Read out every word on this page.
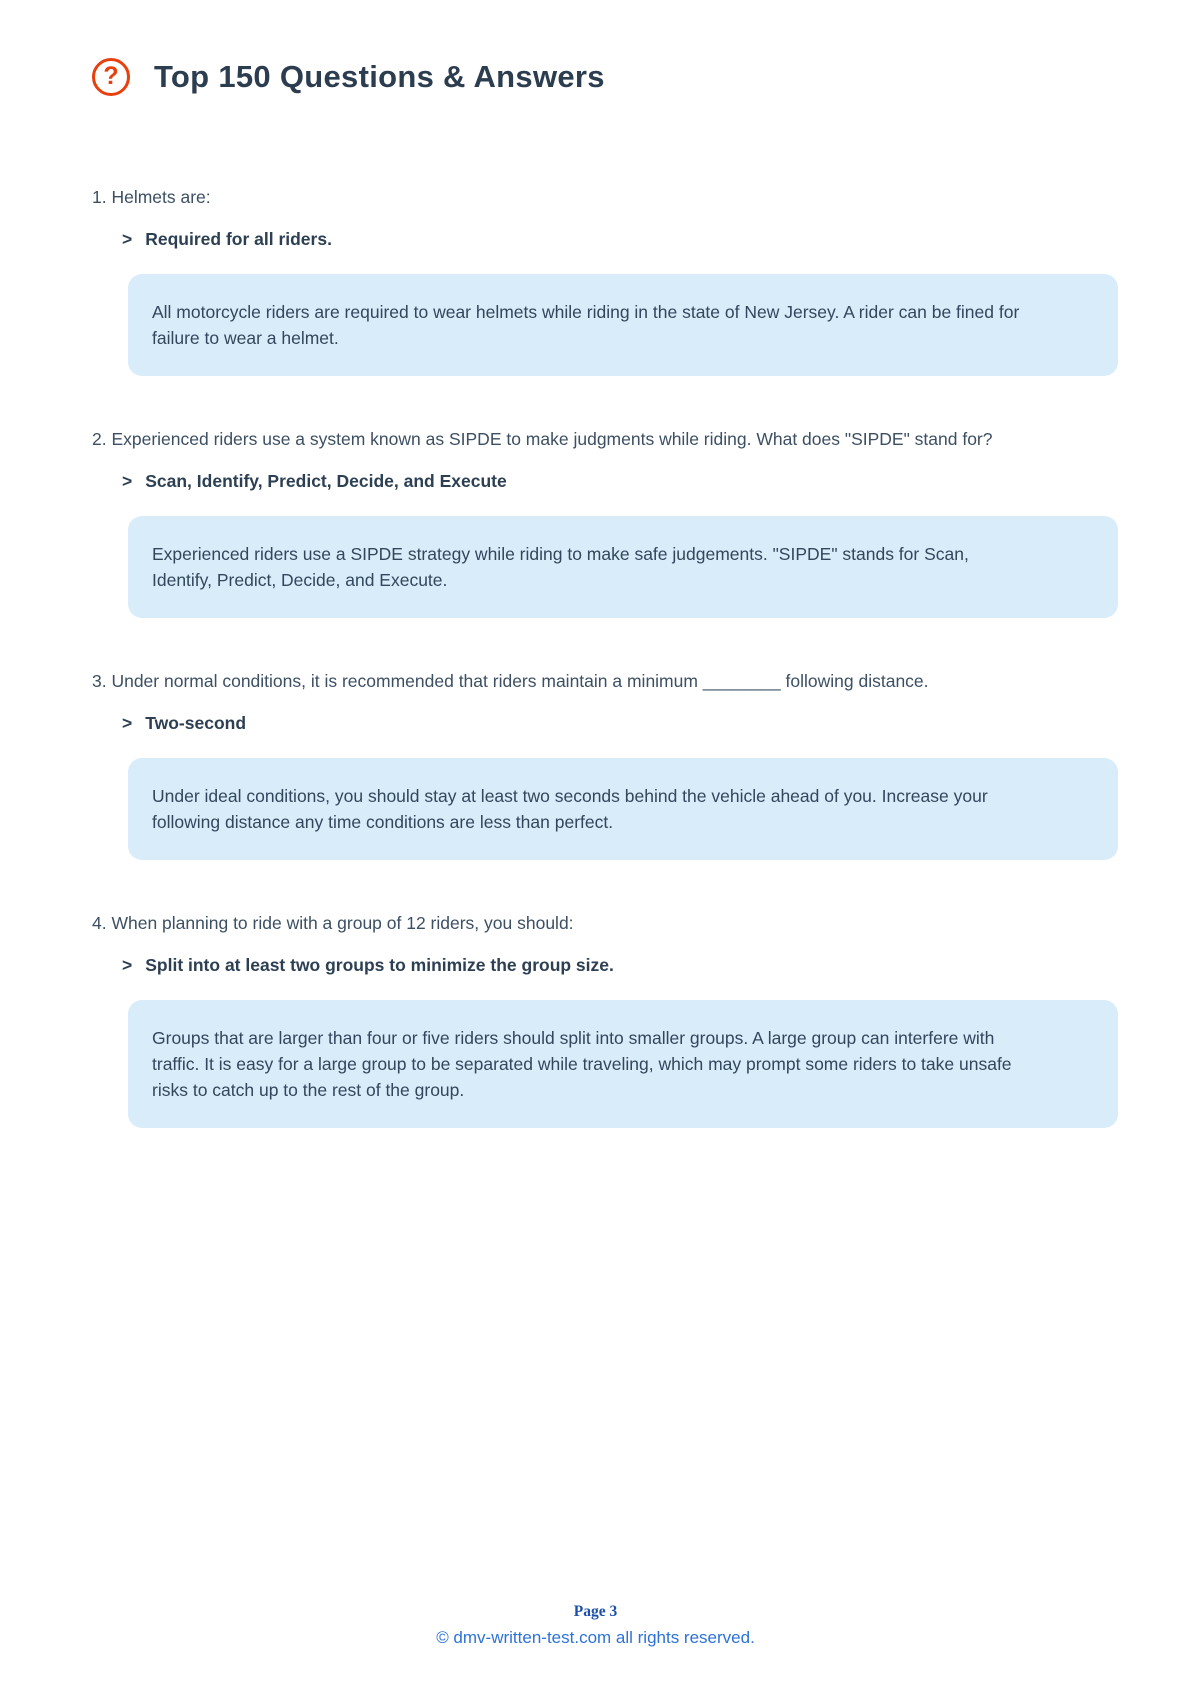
?	Top 150 Questions & Answers
1. Helmets are:
> Required for all riders.
All motorcycle riders are required to wear helmets while riding in the state of New Jersey. A rider can be fined for failure to wear a helmet.
2. Experienced riders use a system known as SIPDE to make judgments while riding. What does "SIPDE" stand for?
> Scan, Identify, Predict, Decide, and Execute
Experienced riders use a SIPDE strategy while riding to make safe judgements. "SIPDE" stands for Scan, Identify, Predict, Decide, and Execute.
3. Under normal conditions, it is recommended that riders maintain a minimum ________ following distance.
> Two-second
Under ideal conditions, you should stay at least two seconds behind the vehicle ahead of you. Increase your following distance any time conditions are less than perfect.
4. When planning to ride with a group of 12 riders, you should:
> Split into at least two groups to minimize the group size.
Groups that are larger than four or five riders should split into smaller groups. A large group can interfere with traffic. It is easy for a large group to be separated while traveling, which may prompt some riders to take unsafe risks to catch up to the rest of the group.
Page 3
© dmv-written-test.com all rights reserved.
